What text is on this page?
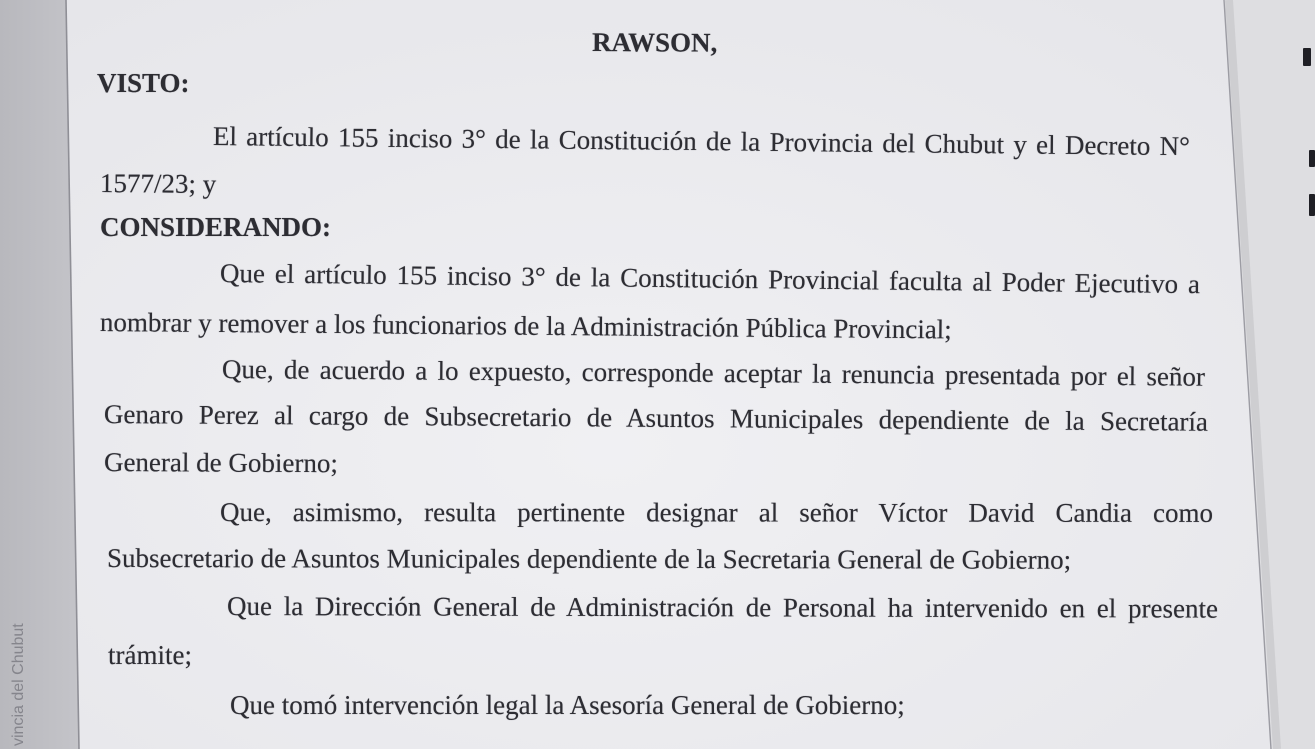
vincia del Chubut
RAWSON,
VISTO:
El artículo 155 inciso 3° de la Constitución de la Provincia del Chubut y el Decreto N°
1577/23; y
CONSIDERANDO:
Que el artículo 155 inciso 3° de la Constitución Provincial faculta al Poder Ejecutivo a
nombrar y remover a los funcionarios de la Administración Pública Provincial;
Que, de acuerdo a lo expuesto, corresponde aceptar la renuncia presentada por el señor
Genaro Perez al cargo de Subsecretario de Asuntos Municipales dependiente de la Secretaría
General de Gobierno;
Que, asimismo, resulta pertinente designar al señor Víctor David Candia como
Subsecretario de Asuntos Municipales dependiente de la Secretaria General de Gobierno;
Que la Dirección General de Administración de Personal ha intervenido en el presente
trámite;
Que tomó intervención legal la Asesoría General de Gobierno;
